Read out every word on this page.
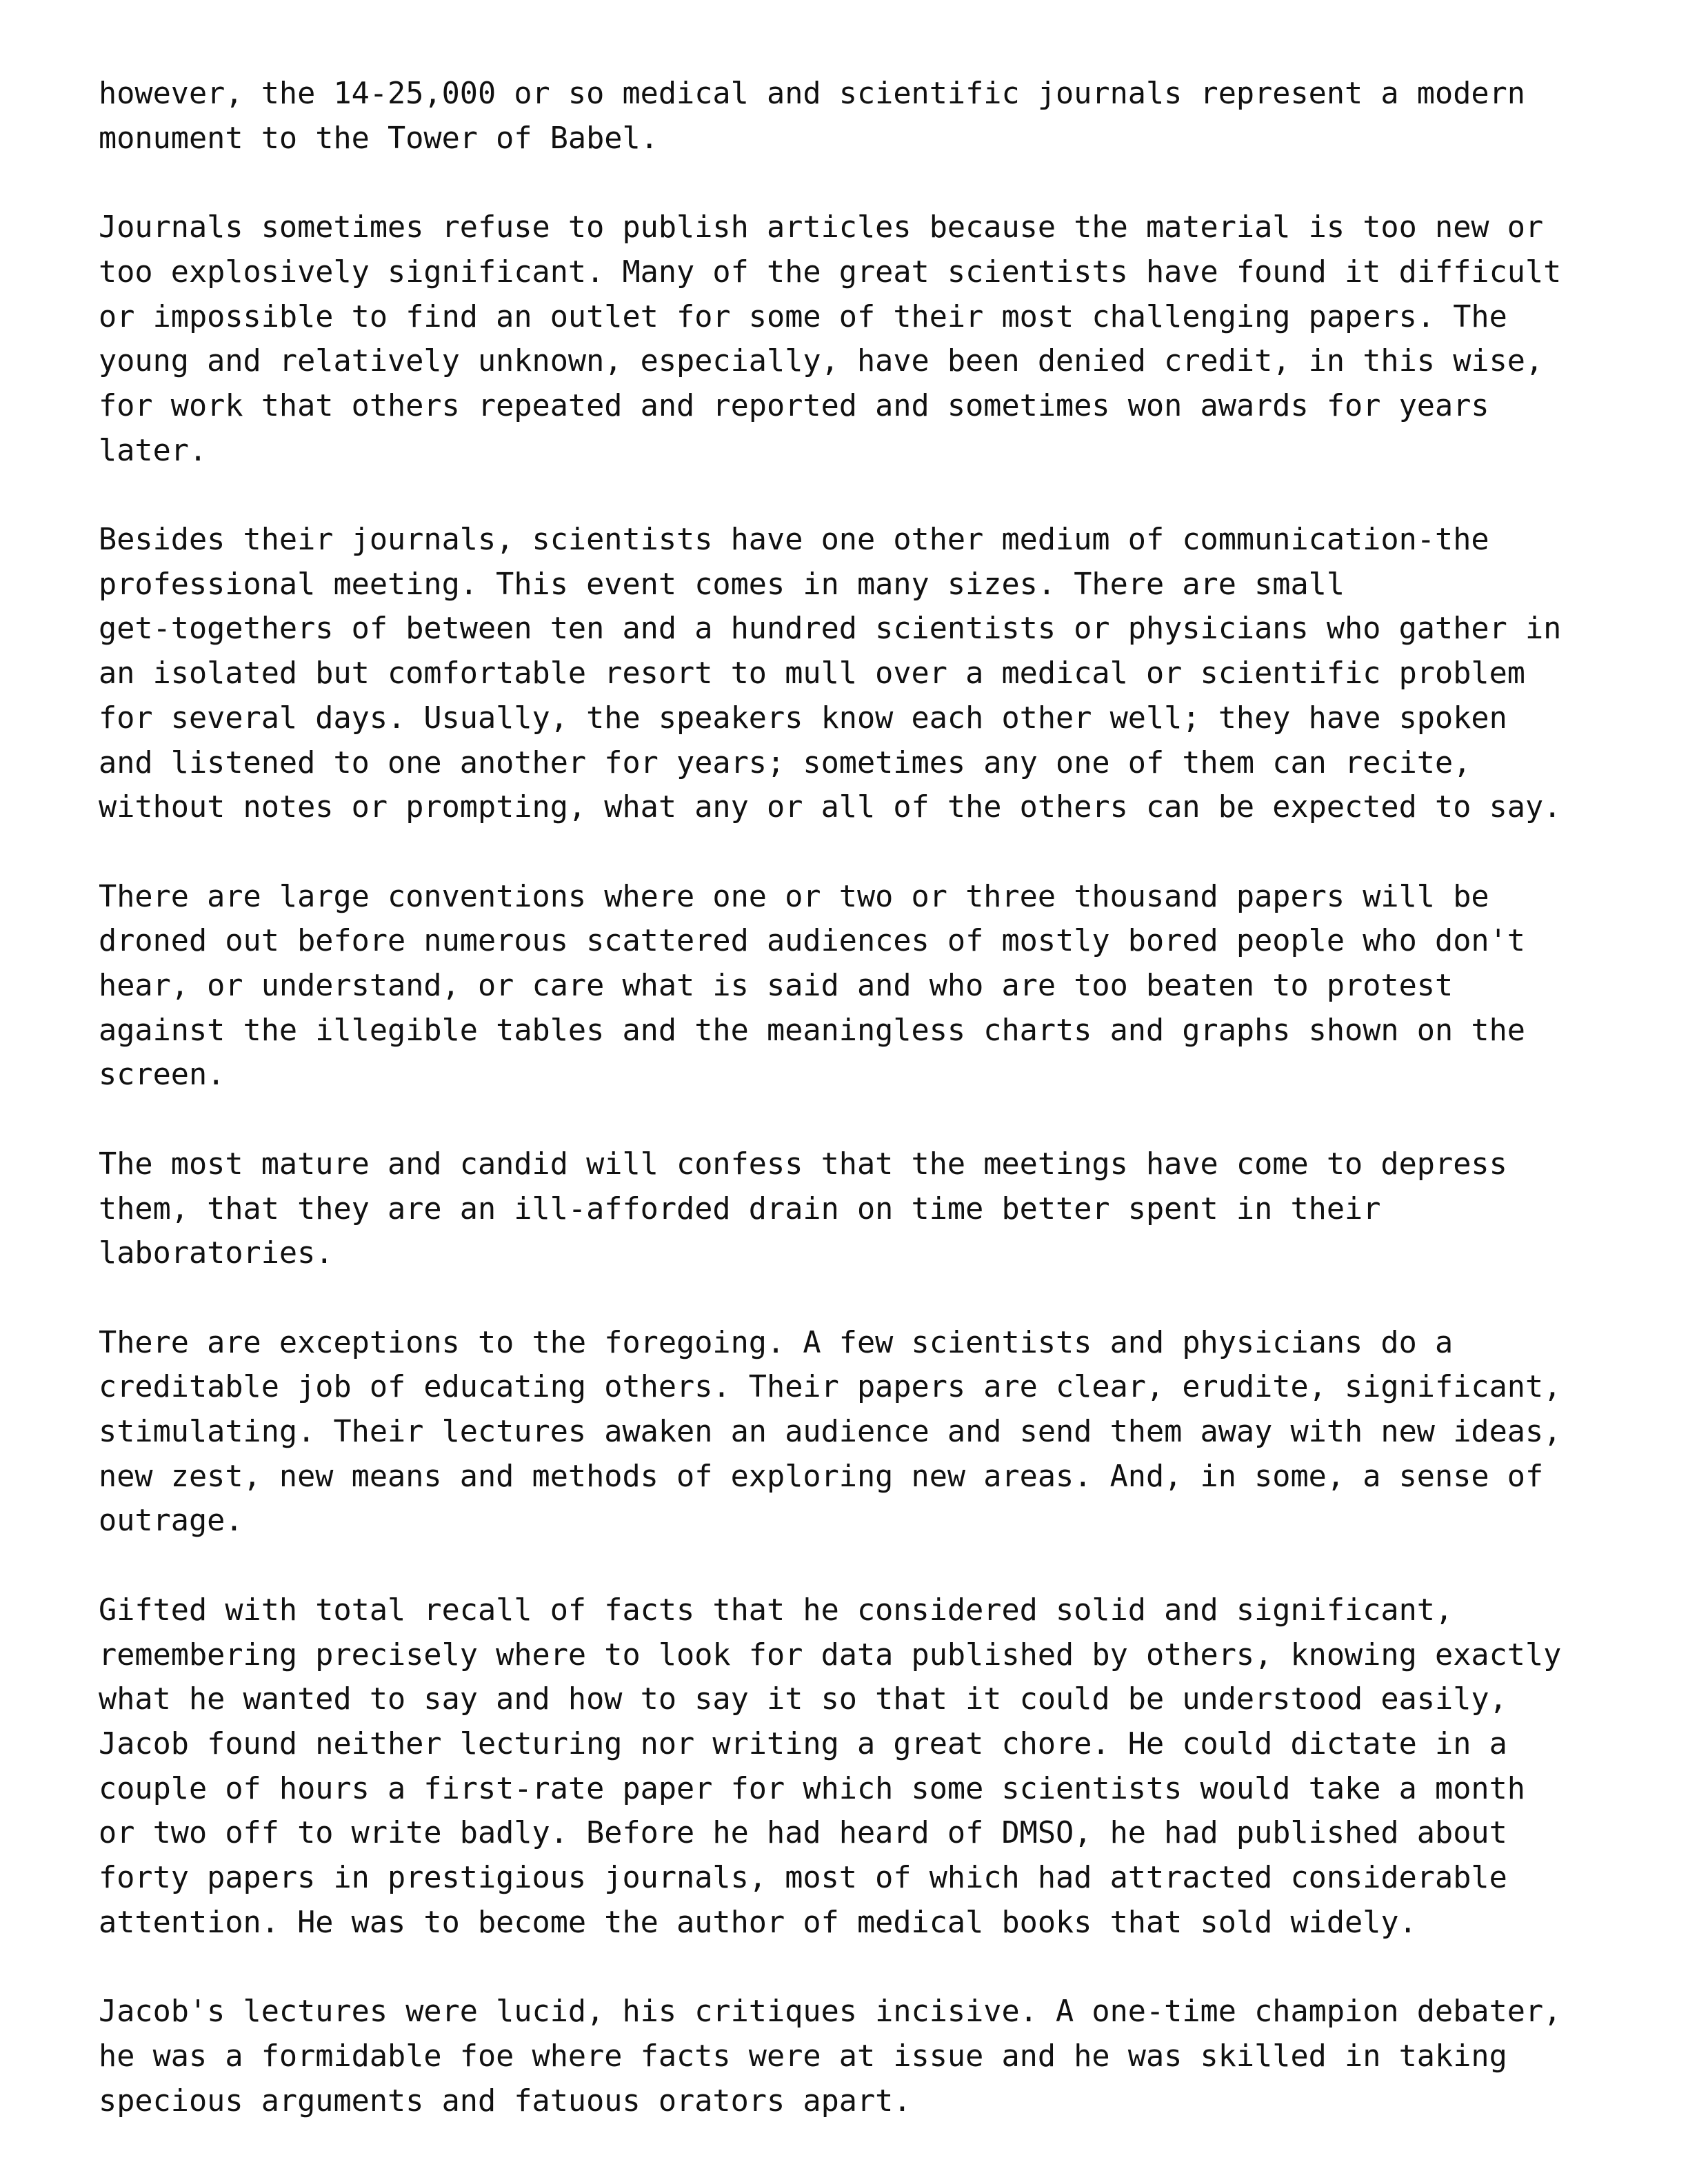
however, the 14-25,000 or so medical and scientific journals represent a modern
monument to the Tower of Babel.

Journals sometimes refuse to publish articles because the material is too new or
too explosively significant. Many of the great scientists have found it difficult
or impossible to find an outlet for some of their most challenging papers. The
young and relatively unknown, especially, have been denied credit, in this wise,
for work that others repeated and reported and sometimes won awards for years
later.

Besides their journals, scientists have one other medium of communication-the
professional meeting. This event comes in many sizes. There are small
get-togethers of between ten and a hundred scientists or physicians who gather in
an isolated but comfortable resort to mull over a medical or scientific problem
for several days. Usually, the speakers know each other well; they have spoken
and listened to one another for years; sometimes any one of them can recite,
without notes or prompting, what any or all of the others can be expected to say.

There are large conventions where one or two or three thousand papers will be
droned out before numerous scattered audiences of mostly bored people who don't
hear, or understand, or care what is said and who are too beaten to protest
against the illegible tables and the meaningless charts and graphs shown on the
screen.

The most mature and candid will confess that the meetings have come to depress
them, that they are an ill-afforded drain on time better spent in their
laboratories.

There are exceptions to the foregoing. A few scientists and physicians do a
creditable job of educating others. Their papers are clear, erudite, significant,
stimulating. Their lectures awaken an audience and send them away with new ideas,
new zest, new means and methods of exploring new areas. And, in some, a sense of
outrage.

Gifted with total recall of facts that he considered solid and significant,
remembering precisely where to look for data published by others, knowing exactly
what he wanted to say and how to say it so that it could be understood easily,
Jacob found neither lecturing nor writing a great chore. He could dictate in a
couple of hours a first-rate paper for which some scientists would take a month
or two off to write badly. Before he had heard of DMSO, he had published about
forty papers in prestigious journals, most of which had attracted considerable
attention. He was to become the author of medical books that sold widely.

Jacob's lectures were lucid, his critiques incisive. A one-time champion debater,
he was a formidable foe where facts were at issue and he was skilled in taking
specious arguments and fatuous orators apart.
